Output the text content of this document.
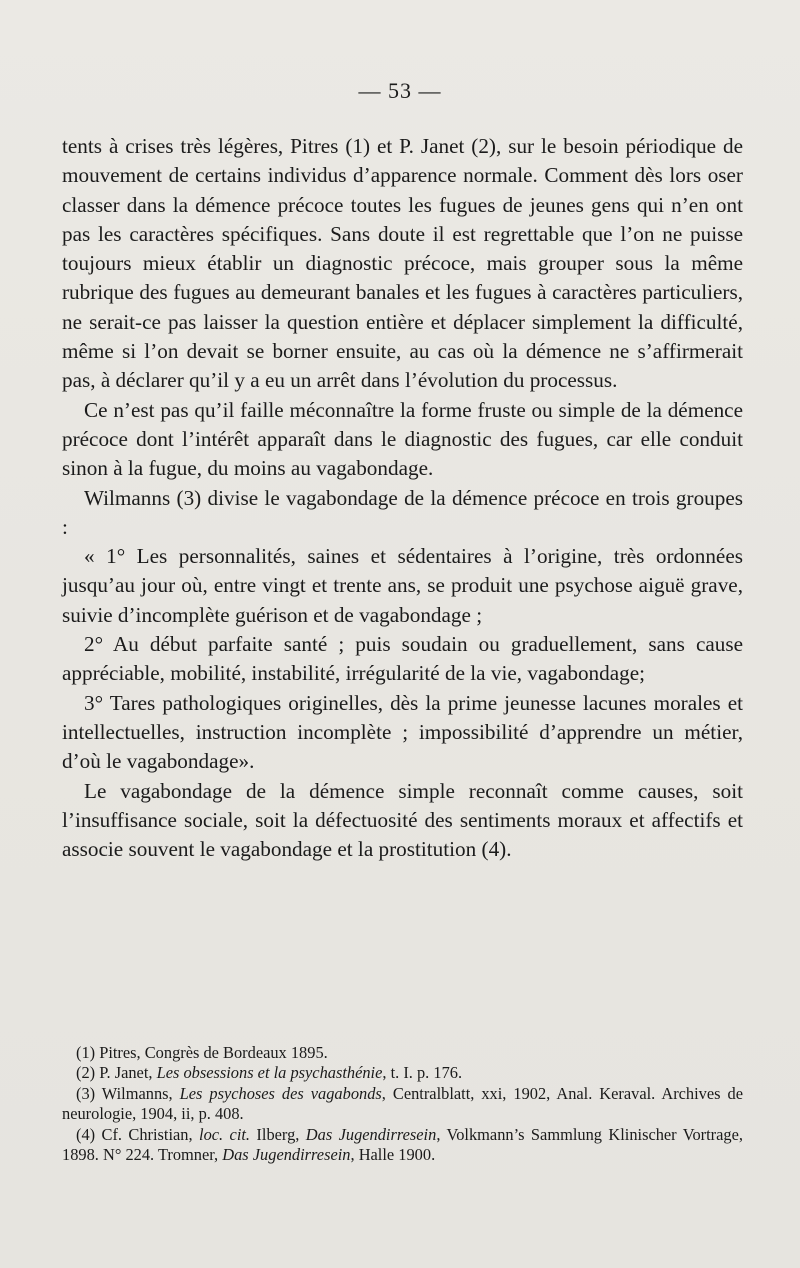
— 53 —

tents à crises très légères, Pitres (1) et P. Janet (2), sur le besoin périodique de mouvement de certains individus d’apparence normale. Comment dès lors oser classer dans la démence précoce toutes les fugues de jeunes gens qui n’en ont pas les caractères spécifiques. Sans doute il est regrettable que l’on ne puisse toujours mieux établir un diagnostic précoce, mais grouper sous la même rubrique des fugues au demeurant banales et les fugues à caractères particuliers, ne serait-ce pas laisser la question entière et déplacer simplement la difficulté, même si l’on devait se borner ensuite, au cas où la démence ne s’affirmerait pas, à déclarer qu’il y a eu un arrêt dans l’évolution du processus.

Ce n’est pas qu’il faille méconnaître la forme fruste ou simple de la démence précoce dont l’intérêt apparaît dans le diagnostic des fugues, car elle conduit sinon à la fugue, du moins au vagabondage.

Wilmanns (3) divise le vagabondage de la démence précoce en trois groupes :

« 1° Les personnalités, saines et sédentaires à l’origine, très ordonnées jusqu’au jour où, entre vingt et trente ans, se produit une psychose aiguë grave, suivie d’incomplète guérison et de vagabondage ;

2° Au début parfaite santé ; puis soudain ou graduellement, sans cause appréciable, mobilité, instabilité, irrégularité de la vie, vagabondage;

3° Tares pathologiques originelles, dès la prime jeunesse lacunes morales et intellectuelles, instruction incomplète ; impossibilité d’apprendre un métier, d’où le vagabondage».

Le vagabondage de la démence simple reconnaît comme causes, soit l’insuffisance sociale, soit la défectuosité des sentiments moraux et affectifs et associe souvent le vagabondage et la prostitution (4).

(1) Pitres, Congrès de Bordeaux 1895.

(2) P. Janet, Les obsessions et la psychasthénie, t. I. p. 176.

(3) Wilmanns, Les psychoses des vagabonds, Centralblatt, xxi, 1902, Anal. Keraval. Archives de neurologie, 1904, ii, p. 408.

(4) Cf. Christian, loc. cit. Ilberg, Das Jugendirresein, Volkmann’s Sammlung Klinischer Vortrage, 1898. N° 224. Tromner, Das Jugendirresein, Halle 1900.
